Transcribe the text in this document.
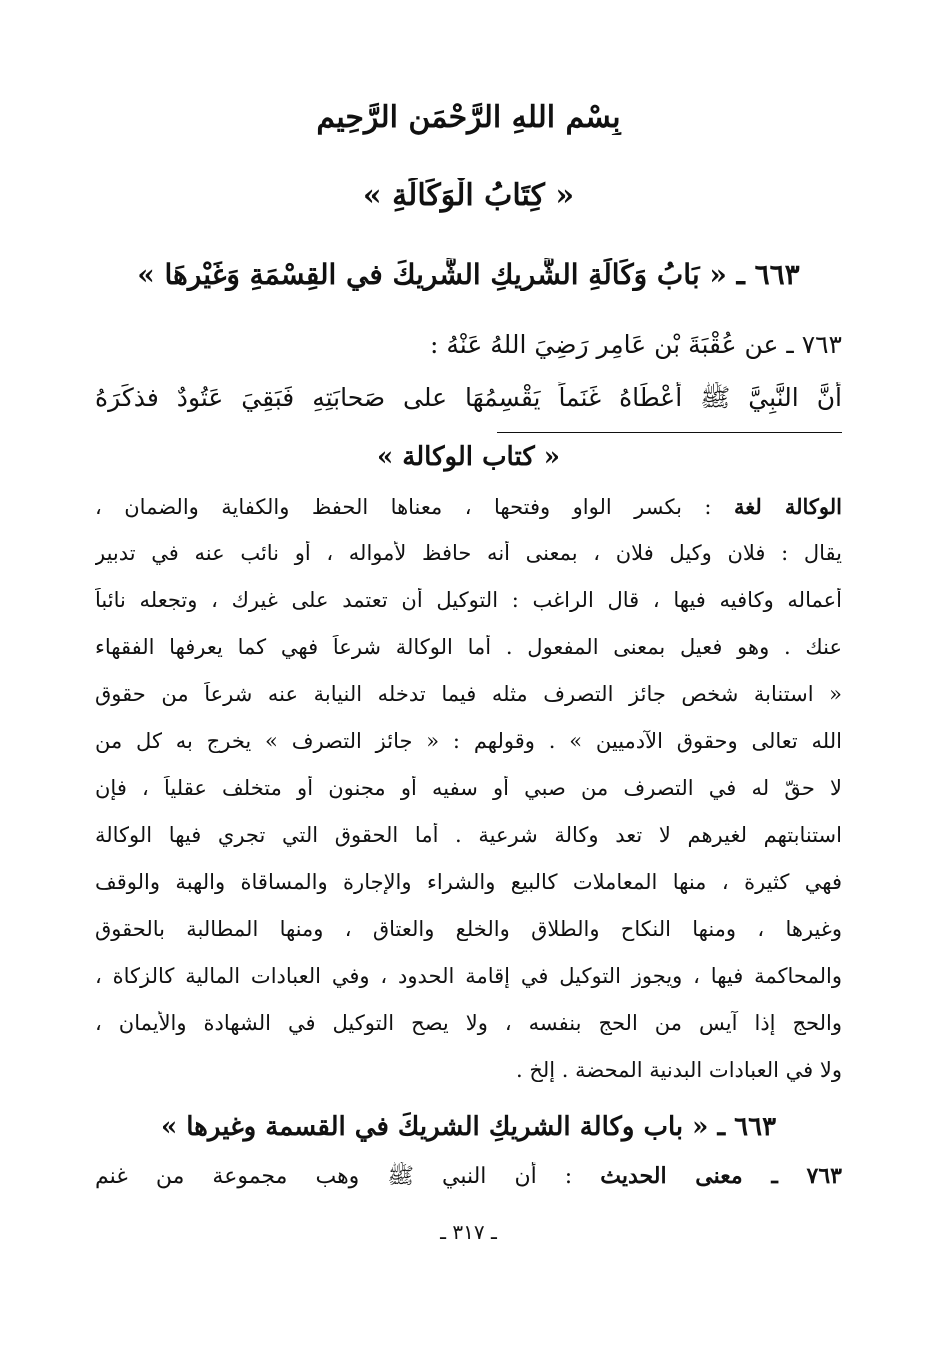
بِسْمِ اللهِ الرَّحْمَنِ الرَّحِيمِ
« كِتَابُ الْوَكَالَةِ »
٦٦٣ ـ « بَابُ وَكَالَةِ الشَّرِيكِ الشَّرِيكَ في القِسْمَةِ وَغَيْرِهَا »
٧٦٣ ـ عن عُقْبَةَ بْنِ عَامِرٍ رَضِيَ اللهُ عَنْهُ :
أَنَّ النَّبِيَّ ﷺ أَعْطَاهُ غَنَماً يَقْسِمُهَا على صَحابَتِهِ فَبَقِيَ عَتُودٌ فذكَرَهُ
« كتاب الوكالة »
الوكالة لغة : بكسر الواو وفتحها ، معناها الحفظ والكفاية والضمان ،
يقال : فلان وكيل فلان ، بمعنى أنه حافظ لأمواله ، أو نائب عنه في تدبير
أعماله وكافيه فيها ، قال الراغب : التوكيل أن تعتمد على غيرك ، وتجعله نائباً
عنك . وهو فعيل بمعنى المفعول . أما الوكالة شرعاً فهي كما يعرفها الفقهاء
« استنابة شخص جائز التصرف مثله فيما تدخله النيابة عنه شرعاً من حقوق
الله تعالى وحقوق الآدميين » . وقولهم : « جائز التصرف » يخرج به كل من
لا حقّ له في التصرف من صبي أو سفيه أو مجنون أو متخلف عقلياً ، فإن
استنابتهم لغيرهم لا تعد وكالة شرعية . أما الحقوق التي تجري فيها الوكالة
فهي كثيرة ، منها المعاملات كالبيع والشراء والإجارة والمساقاة والهبة والوقف
وغيرها ، ومنها النكاح والطلاق والخلع والعتاق ، ومنها المطالبة بالحقوق
والمحاكمة فيها ، ويجوز التوكيل في إقامة الحدود ، وفي العبادات المالية كالزكاة ،
والحج إذا آيس من الحج بنفسه ، ولا يصح التوكيل في الشهادة والأيمان ،
ولا في العبادات البدنية المحضة . إلخ .
٦٦٣ ـ « باب وكالة الشريكِ الشريكَ في القسمة وغيرها »
٧٦٣ ـ معنى الحديث : أن النبي ﷺ وهب مجموعة من غنم
ـ ٣١٧ ـ
